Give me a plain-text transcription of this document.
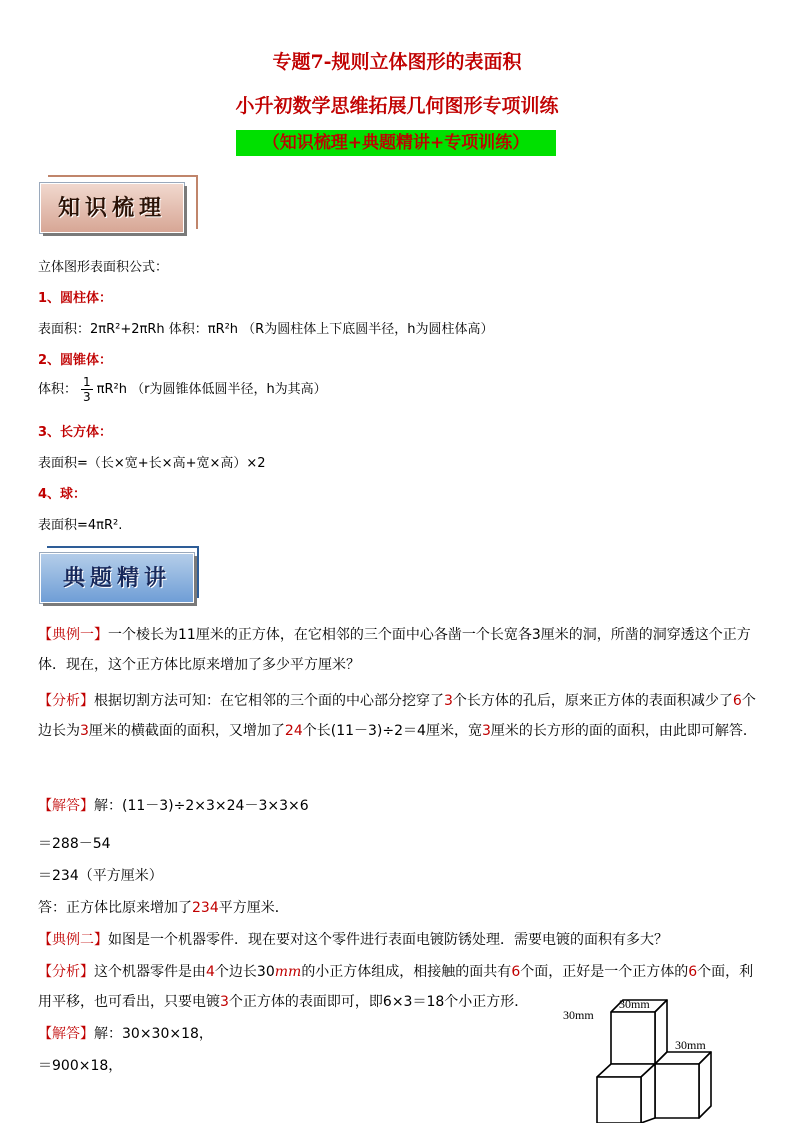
专题7-规则立体图形的表面积
小升初数学思维拓展几何图形专项训练
（知识梳理+典题精讲+专项训练）
知识梳理
立体图形表面积公式：
1、圆柱体：
表面积：2πR²+2πRh 体积：πR²h （R为圆柱体上下底圆半径，h为圆柱体高）
2、圆锥体：
体积： $\frac{1}{3} \pi R^2h$ （r为圆锥体低圆半径，h为其高）
3、长方体：
表面积=（长×宽+长×高+宽×高）×2
4、球：
表面积=4πR².
典题精讲
【典例一】一个棱长为11厘米的正方体，在它相邻的三个面中心各凿一个长宽各3厘米的洞，所凿的洞穿透这个正方体．现在，这个正方体比原来增加了多少平方厘米？
【分析】根据切割方法可知：在它相邻的三个面的中心部分挖穿了3个长方体的孔后，原来正方体的表面积减少了6个边长为3厘米的横截面的面积，又增加了24个长(11－3)÷2＝4厘米，宽3厘米的长方形的面的面积，由此即可解答．
【解答】解：(11－3)÷2×3×24－3×3×6
＝288－54
＝234（平方厘米）
答：正方体比原来增加了234平方厘米．
【典例二】如图是一个机器零件．现在要对这个零件进行表面电镀防锈处理．需要电镀的面积有多大？
【分析】这个机器零件是由4个边长30mm的小正方体组成，相接触的面共有6个面，正好是一个正方体的6个面，利用平移，也可看出，只要电镀3个正方体的表面即可，即6×3＝18个小正方形．
【解答】解：30×30×18，
＝900×18，
30mm
30mm
30mm
